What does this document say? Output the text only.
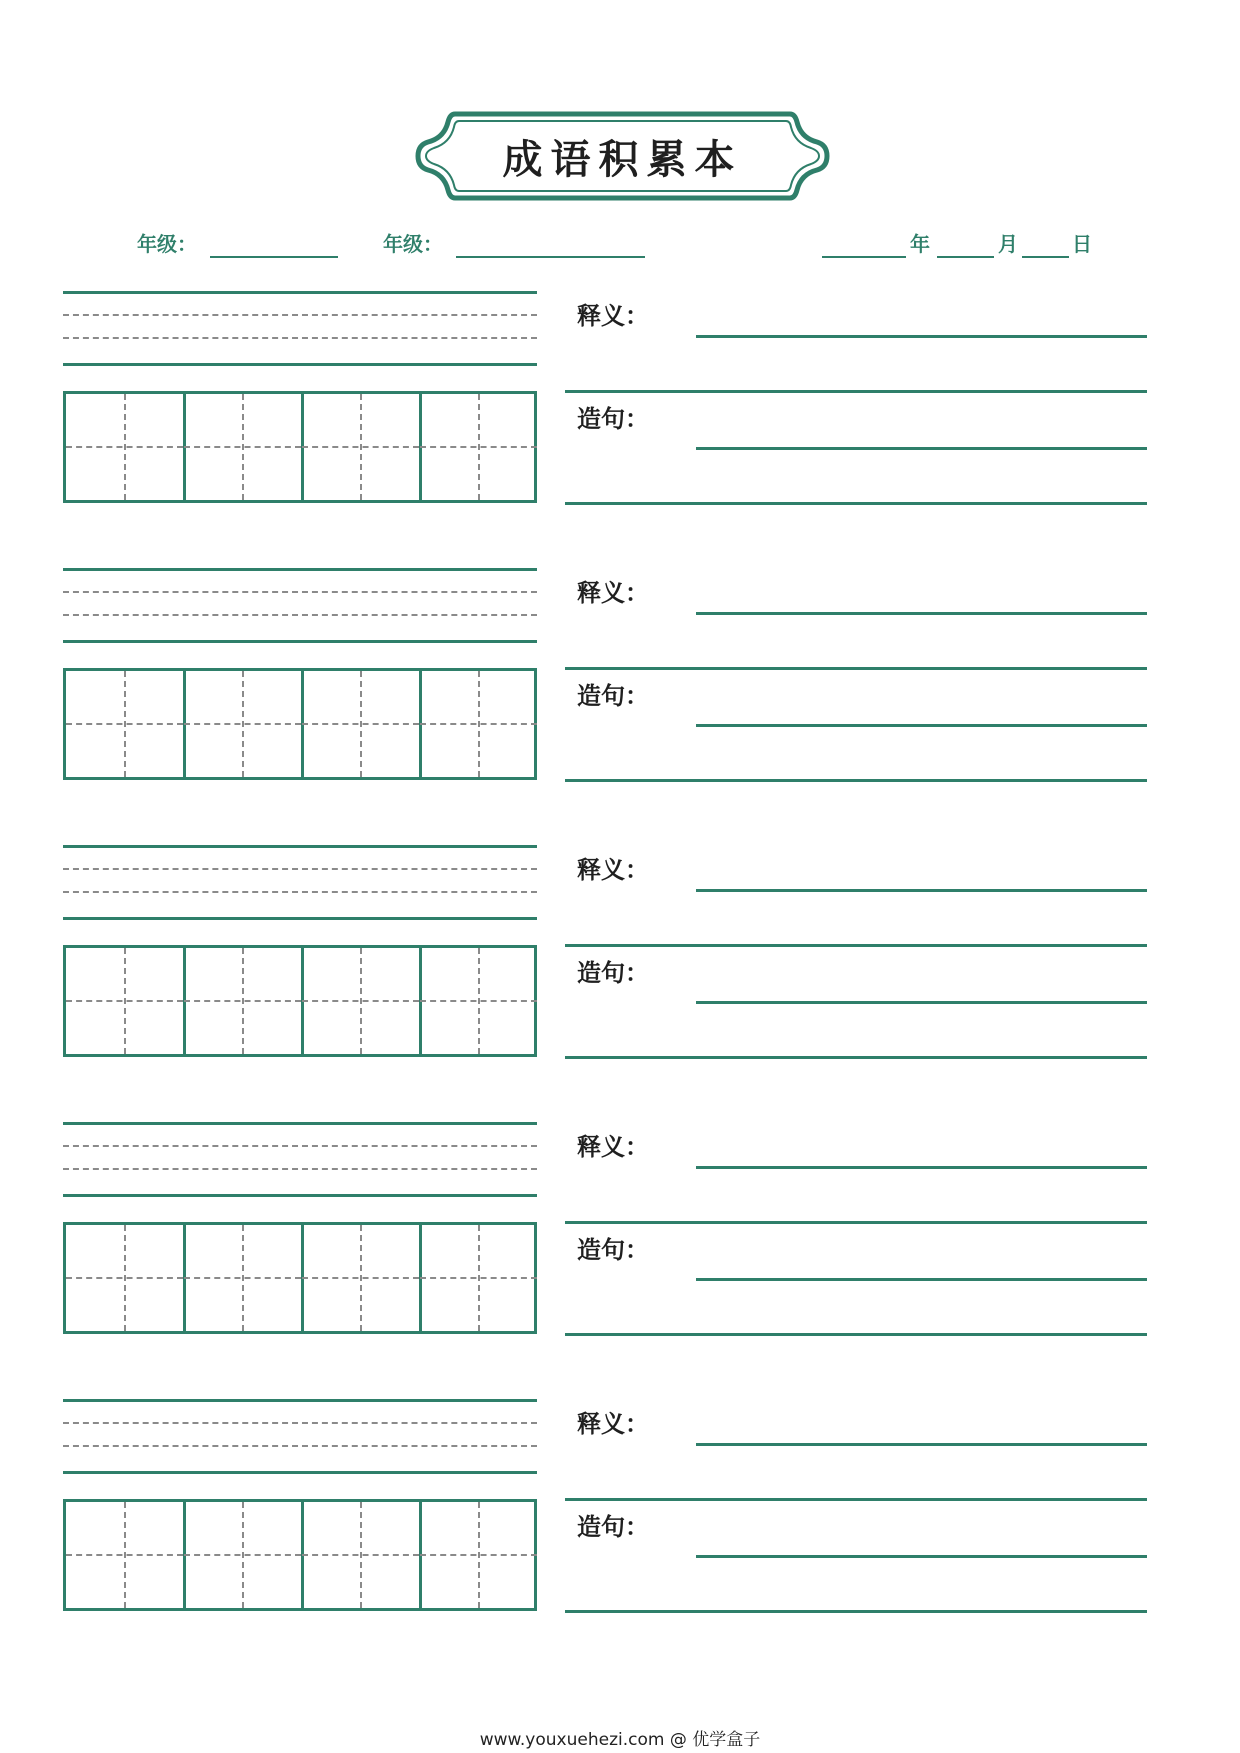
成语积累本
年级：	年级：	年	月	日
释义：
造句：
释义：
造句：
释义：
造句：
释义：
造句：
释义：
造句：
www.youxuehezi.com @ 优学盒子
